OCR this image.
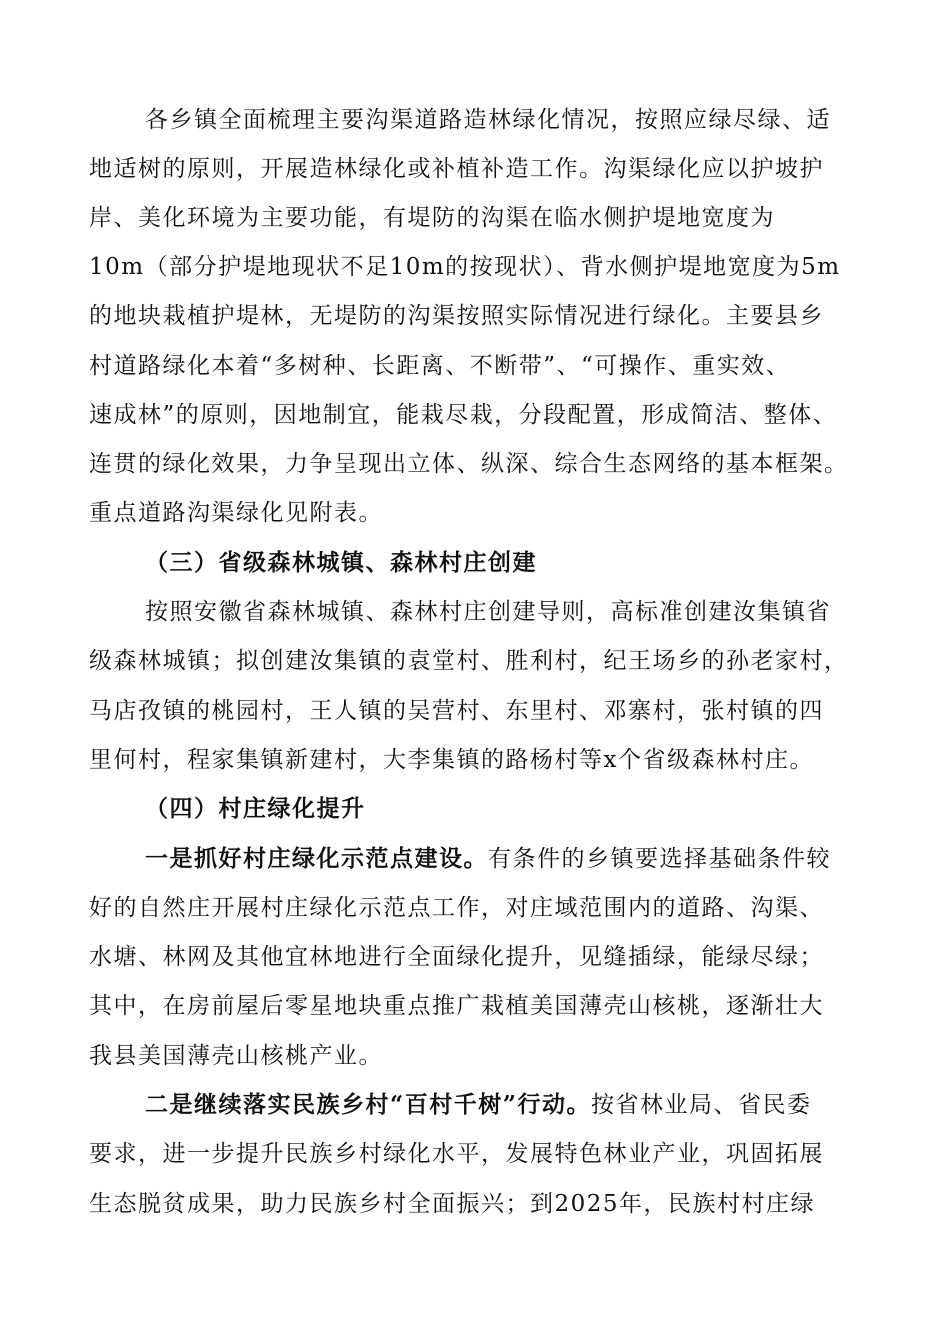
各乡镇全面梳理主要沟渠道路造林绿化情况，按照应绿尽绿、适
地适树的原则，开展造林绿化或补植补造工作。沟渠绿化应以护坡护
岸、美化环境为主要功能，有堤防的沟渠在临水侧护堤地宽度为
10m（部分护堤地现状不足10m的按现状）、背水侧护堤地宽度为5m
的地块栽植护堤林，无堤防的沟渠按照实际情况进行绿化。主要县乡
村道路绿化本着“多树种、长距离、不断带”、“可操作、重实效、
速成林”的原则，因地制宜，能栽尽栽，分段配置，形成简洁、整体、
连贯的绿化效果，力争呈现出立体、纵深、综合生态网络的基本框架。
重点道路沟渠绿化见附表。
（三）省级森林城镇、森林村庄创建
按照安徽省森林城镇、森林村庄创建导则，高标准创建汝集镇省
级森林城镇；拟创建汝集镇的袁堂村、胜利村，纪王场乡的孙老家村，
马店孜镇的桃园村，王人镇的吴营村、东里村、邓寨村，张村镇的四
里何村，程家集镇新建村，大李集镇的路杨村等x个省级森林村庄。
（四）村庄绿化提升
一是抓好村庄绿化示范点建设。有条件的乡镇要选择基础条件较
好的自然庄开展村庄绿化示范点工作，对庄域范围内的道路、沟渠、
水塘、林网及其他宜林地进行全面绿化提升，见缝插绿，能绿尽绿；
其中，在房前屋后零星地块重点推广栽植美国薄壳山核桃，逐渐壮大
我县美国薄壳山核桃产业。
二是继续落实民族乡村“百村千树”行动。按省林业局、省民委
要求，进一步提升民族乡村绿化水平，发展特色林业产业，巩固拓展
生态脱贫成果，助力民族乡村全面振兴；到2025年，民族村村庄绿
